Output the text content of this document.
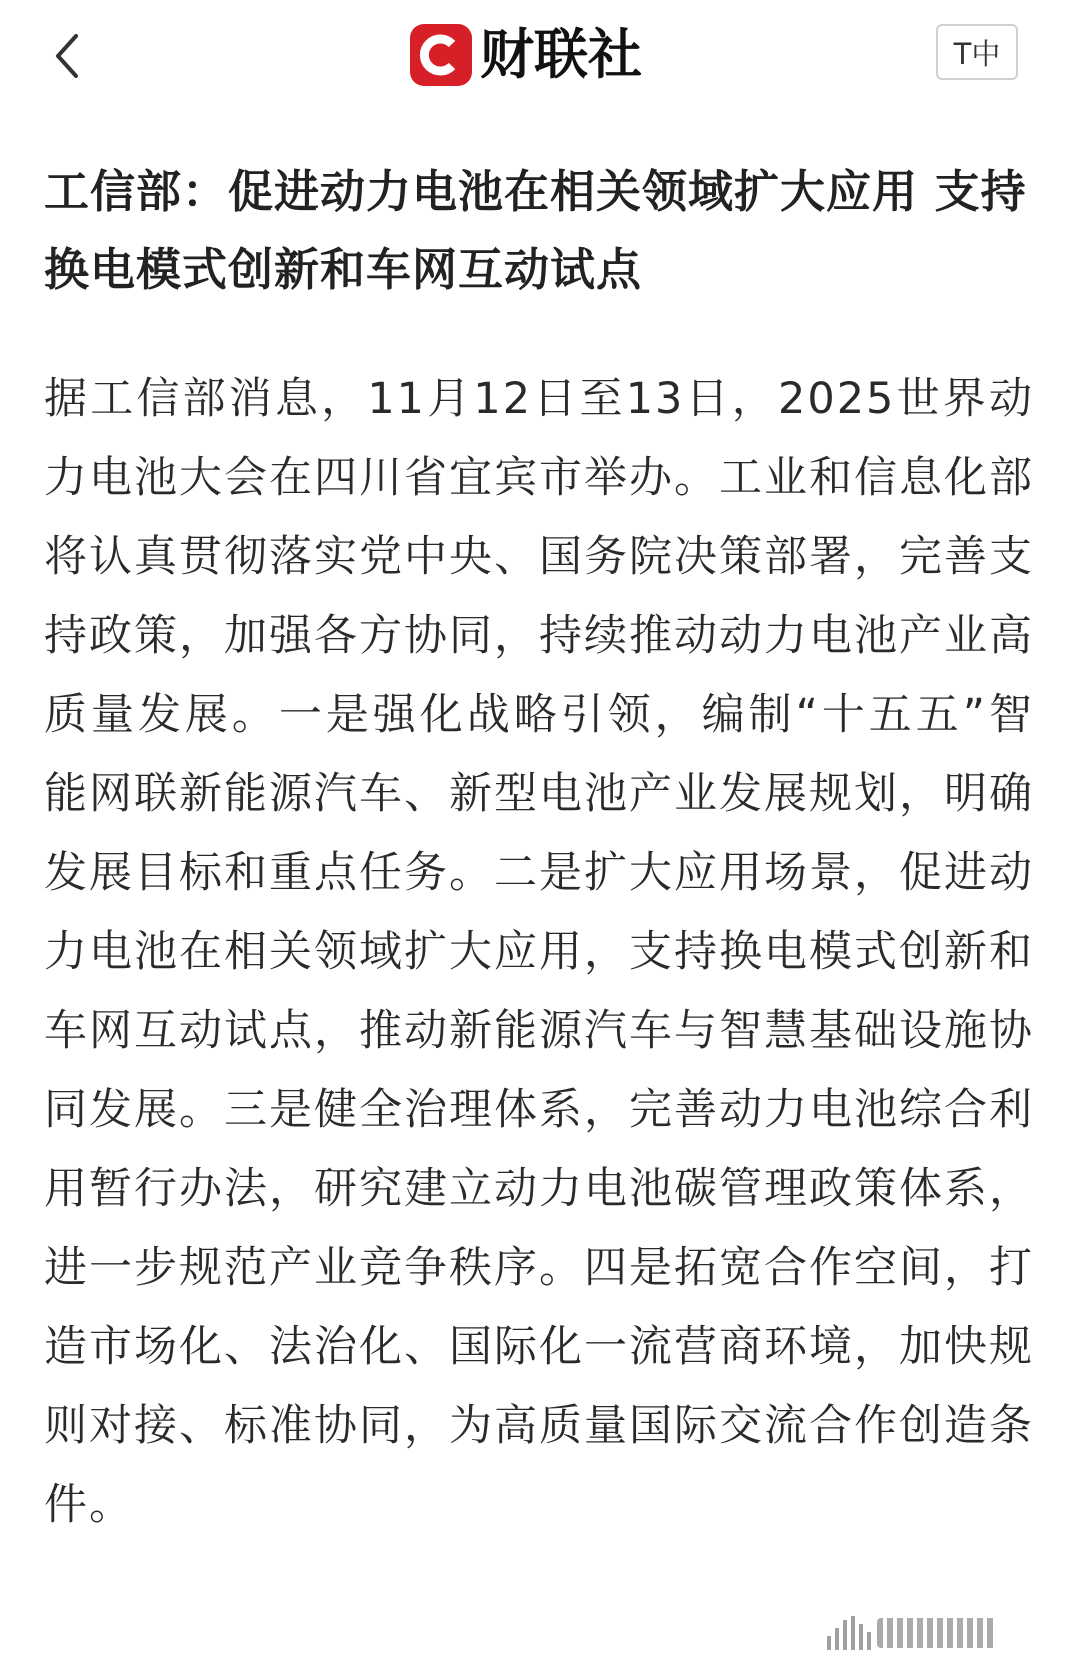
财联社	T中
工信部：促进动力电池在相关领域扩大应用 支持换电模式创新和车网互动试点

据工信部消息，11月12日至13日，2025世界动力电池大会在四川省宜宾市举办。工业和信息化部将认真贯彻落实党中央、国务院决策部署，完善支持政策，加强各方协同，持续推动动力电池产业高质量发展。一是强化战略引领，编制“十五五”智能网联新能源汽车、新型电池产业发展规划，明确发展目标和重点任务。二是扩大应用场景，促进动力电池在相关领域扩大应用，支持换电模式创新和车网互动试点，推动新能源汽车与智慧基础设施协同发展。三是健全治理体系，完善动力电池综合利用暂行办法，研究建立动力电池碳管理政策体系，进一步规范产业竞争秩序。四是拓宽合作空间，打造市场化、法治化、国际化一流营商环境，加快规则对接、标准协同，为高质量国际交流合作创造条件。
